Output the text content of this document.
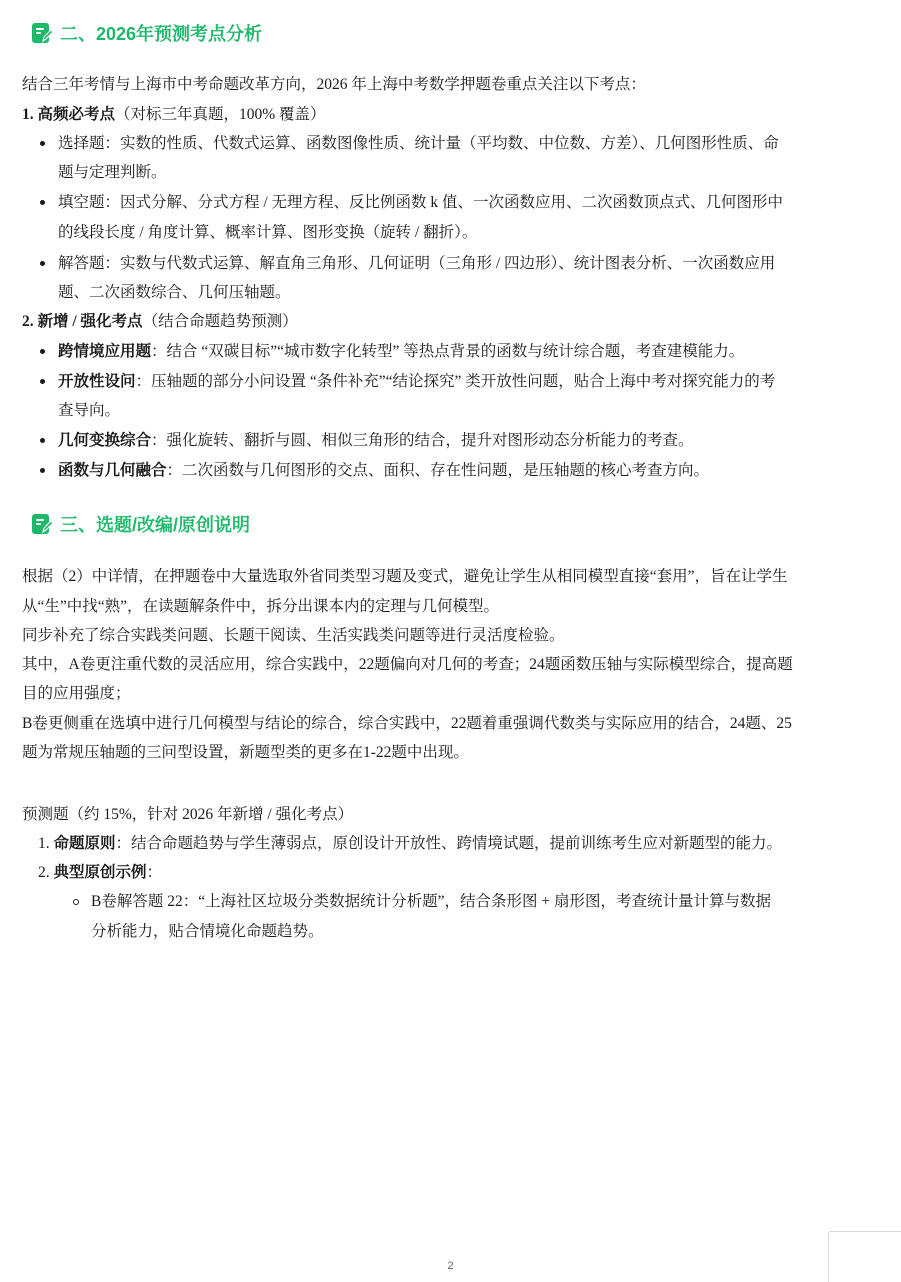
二、2026年预测考点分析
结合三年考情与上海市中考命题改革方向，2026 年上海中考数学押题卷重点关注以下考点：
1. 高频必考点（对标三年真题，100% 覆盖）
选择题：实数的性质、代数式运算、函数图像性质、统计量（平均数、中位数、方差）、几何图形性质、命
题与定理判断。
填空题：因式分解、分式方程 / 无理方程、反比例函数 k 值、一次函数应用、二次函数顶点式、几何图形中
的线段长度 / 角度计算、概率计算、图形变换（旋转 / 翻折）。
解答题：实数与代数式运算、解直角三角形、几何证明（三角形 / 四边形）、统计图表分析、一次函数应用
题、二次函数综合、几何压轴题。
2. 新增 / 强化考点（结合命题趋势预测）
跨情境应用题：结合 “双碳目标”“城市数字化转型” 等热点背景的函数与统计综合题，考查建模能力。
开放性设问：压轴题的部分小问设置 “条件补充”“结论探究” 类开放性问题，贴合上海中考对探究能力的考
查导向。
几何变换综合：强化旋转、翻折与圆、相似三角形的结合，提升对图形动态分析能力的考查。
函数与几何融合：二次函数与几何图形的交点、面积、存在性问题，是压轴题的核心考查方向。
三、选题/改编/原创说明
根据（2）中详情，在押题卷中大量选取外省同类型习题及变式，避免让学生从相同模型直接“套用”，旨在让学生
从“生”中找“熟”，在读题解条件中，拆分出课本内的定理与几何模型。
同步补充了综合实践类问题、长题干阅读、生活实践类问题等进行灵活度检验。
其中，A卷更注重代数的灵活应用，综合实践中，22题偏向对几何的考查；24题函数压轴与实际模型综合，提高题
目的应用强度；
B卷更侧重在选填中进行几何模型与结论的综合，综合实践中，22题着重强调代数类与实际应用的结合，24题、25
题为常规压轴题的三问型设置，新题型类的更多在1-22题中出现。
预测题（约 15%，针对 2026 年新增 / 强化考点）
1. 命题原则：结合命题趋势与学生薄弱点，原创设计开放性、跨情境试题，提前训练考生应对新题型的能力。
2. 典型原创示例：
B卷解答题 22：“上海社区垃圾分类数据统计分析题”，结合条形图 + 扇形图，考查统计量计算与数据
分析能力，贴合情境化命题趋势。
2
